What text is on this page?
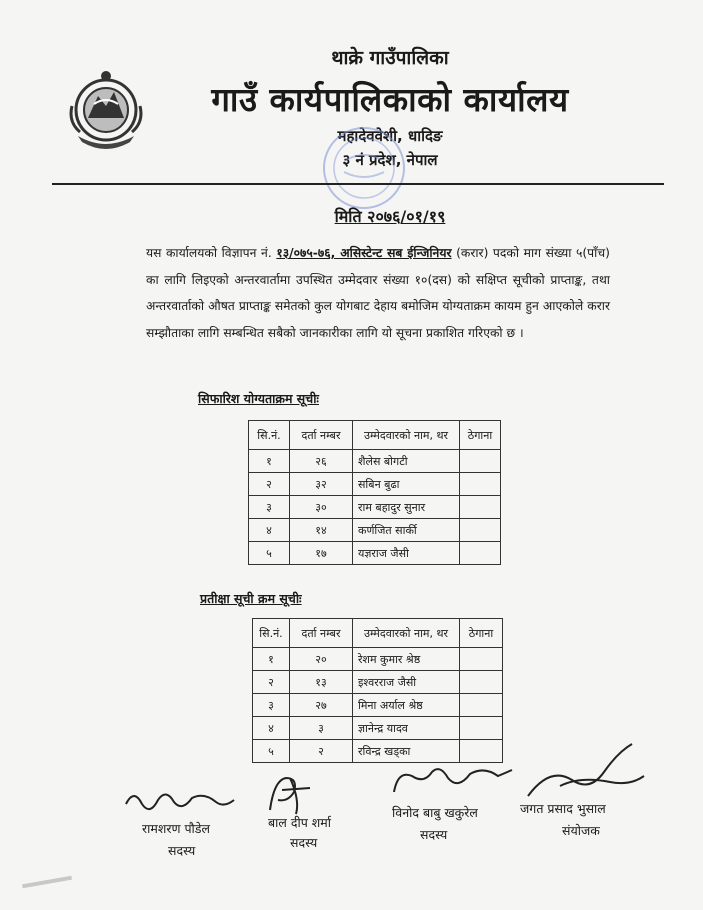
थाक्रे गाउँपालिका
गाउँ कार्यपालिकाको कार्यालय
महादेववेशी, धादिङ
३ नं प्रदेश, नेपाल
मिति २०७६/०१/१९
यस कार्यालयको विज्ञापन नं. १३/०७५-७६, असिस्टेन्ट सब ईन्जिनियर (करार) पदको माग संख्या ५(पाँच) का लागि लिइएको अन्तरवार्तामा उपस्थित उम्मेदवार संख्या १०(दस) को सक्षिप्त सूचीको प्राप्ताङ्क, तथा अन्तरवार्ताको औषत प्राप्ताङ्क समेतको कुल योगबाट देहाय बमोजिम योग्यताक्रम कायम हुन आएकोले करार सम्झौताका लागि सम्बन्धित सबैको जानकारीका लागि यो सूचना प्रकाशित गरिएको छ ।
सिफारिश योग्यताक्रम सूचीः
सि.नं.	दर्ता नम्बर	उम्मेदवारको नाम, थर	ठेगाना
१	२६	शैलेस बोगटी	
२	३२	सबिन बुढा	
३	३०	राम बहादुर सुनार	
४	१४	कर्णजित सार्की	
५	१७	यज्ञराज जैसी	
प्रतीक्षा सूची क्रम सूचीः
सि.नं.	दर्ता नम्बर	उम्मेदवारको नाम, थर	ठेगाना
१	२०	रेशम कुमार श्रेष्ठ	
२	१३	इश्वरराज जैसी	
३	२७	मिना अर्याल श्रेष्ठ	
४	३	ज्ञानेन्द्र यादव	
५	२	रविन्द्र खड्का	
रामशरण पौडेल
सदस्य
बाल दीप शर्मा
सदस्य
विनोद बाबु खकुरेल
सदस्य
जगत प्रसाद भुसाल
संयोजक
